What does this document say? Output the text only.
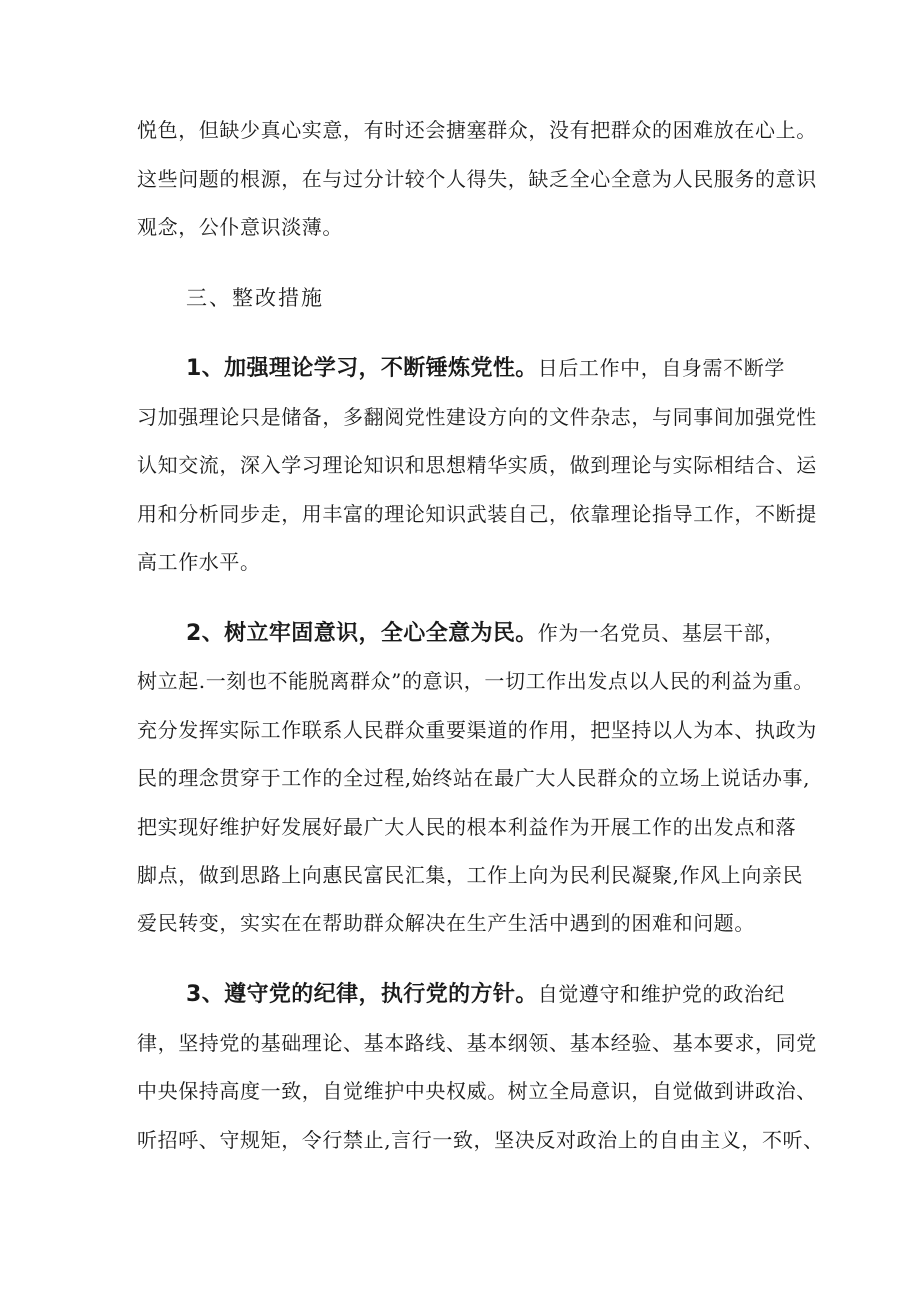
悦色，但缺少真心实意，有时还会搪塞群众，没有把群众的困难放在心上。
这些问题的根源，在与过分计较个人得失，缺乏全心全意为人民服务的意识
观念，公仆意识淡薄。
三、整改措施
1、加强理论学习，不断锤炼党性。日后工作中，自身需不断学
习加强理论只是储备，多翻阅党性建设方向的文件杂志，与同事间加强党性
认知交流，深入学习理论知识和思想精华实质，做到理论与实际相结合、运
用和分析同步走，用丰富的理论知识武装自己，依靠理论指导工作，不断提
高工作水平。
2、树立牢固意识，全心全意为民。作为一名党员、基层干部，
树立起.一刻也不能脱离群众”的意识，一切工作出发点以人民的利益为重。
充分发挥实际工作联系人民群众重要渠道的作用，把坚持以人为本、执政为
民的理念贯穿于工作的全过程,始终站在最广大人民群众的立场上说话办事,
把实现好维护好发展好最广大人民的根本利益作为开展工作的出发点和落
脚点，做到思路上向惠民富民汇集，工作上向为民利民凝聚,作风上向亲民
爱民转变，实实在在帮助群众解决在生产生活中遇到的困难和问题。
3、遵守党的纪律，执行党的方针。自觉遵守和维护党的政治纪
律，坚持党的基础理论、基本路线、基本纲领、基本经验、基本要求，同党
中央保持高度一致，自觉维护中央权威。树立全局意识，自觉做到讲政治、
听招呼、守规矩，令行禁止,言行一致，坚决反对政治上的自由主义，不听、
